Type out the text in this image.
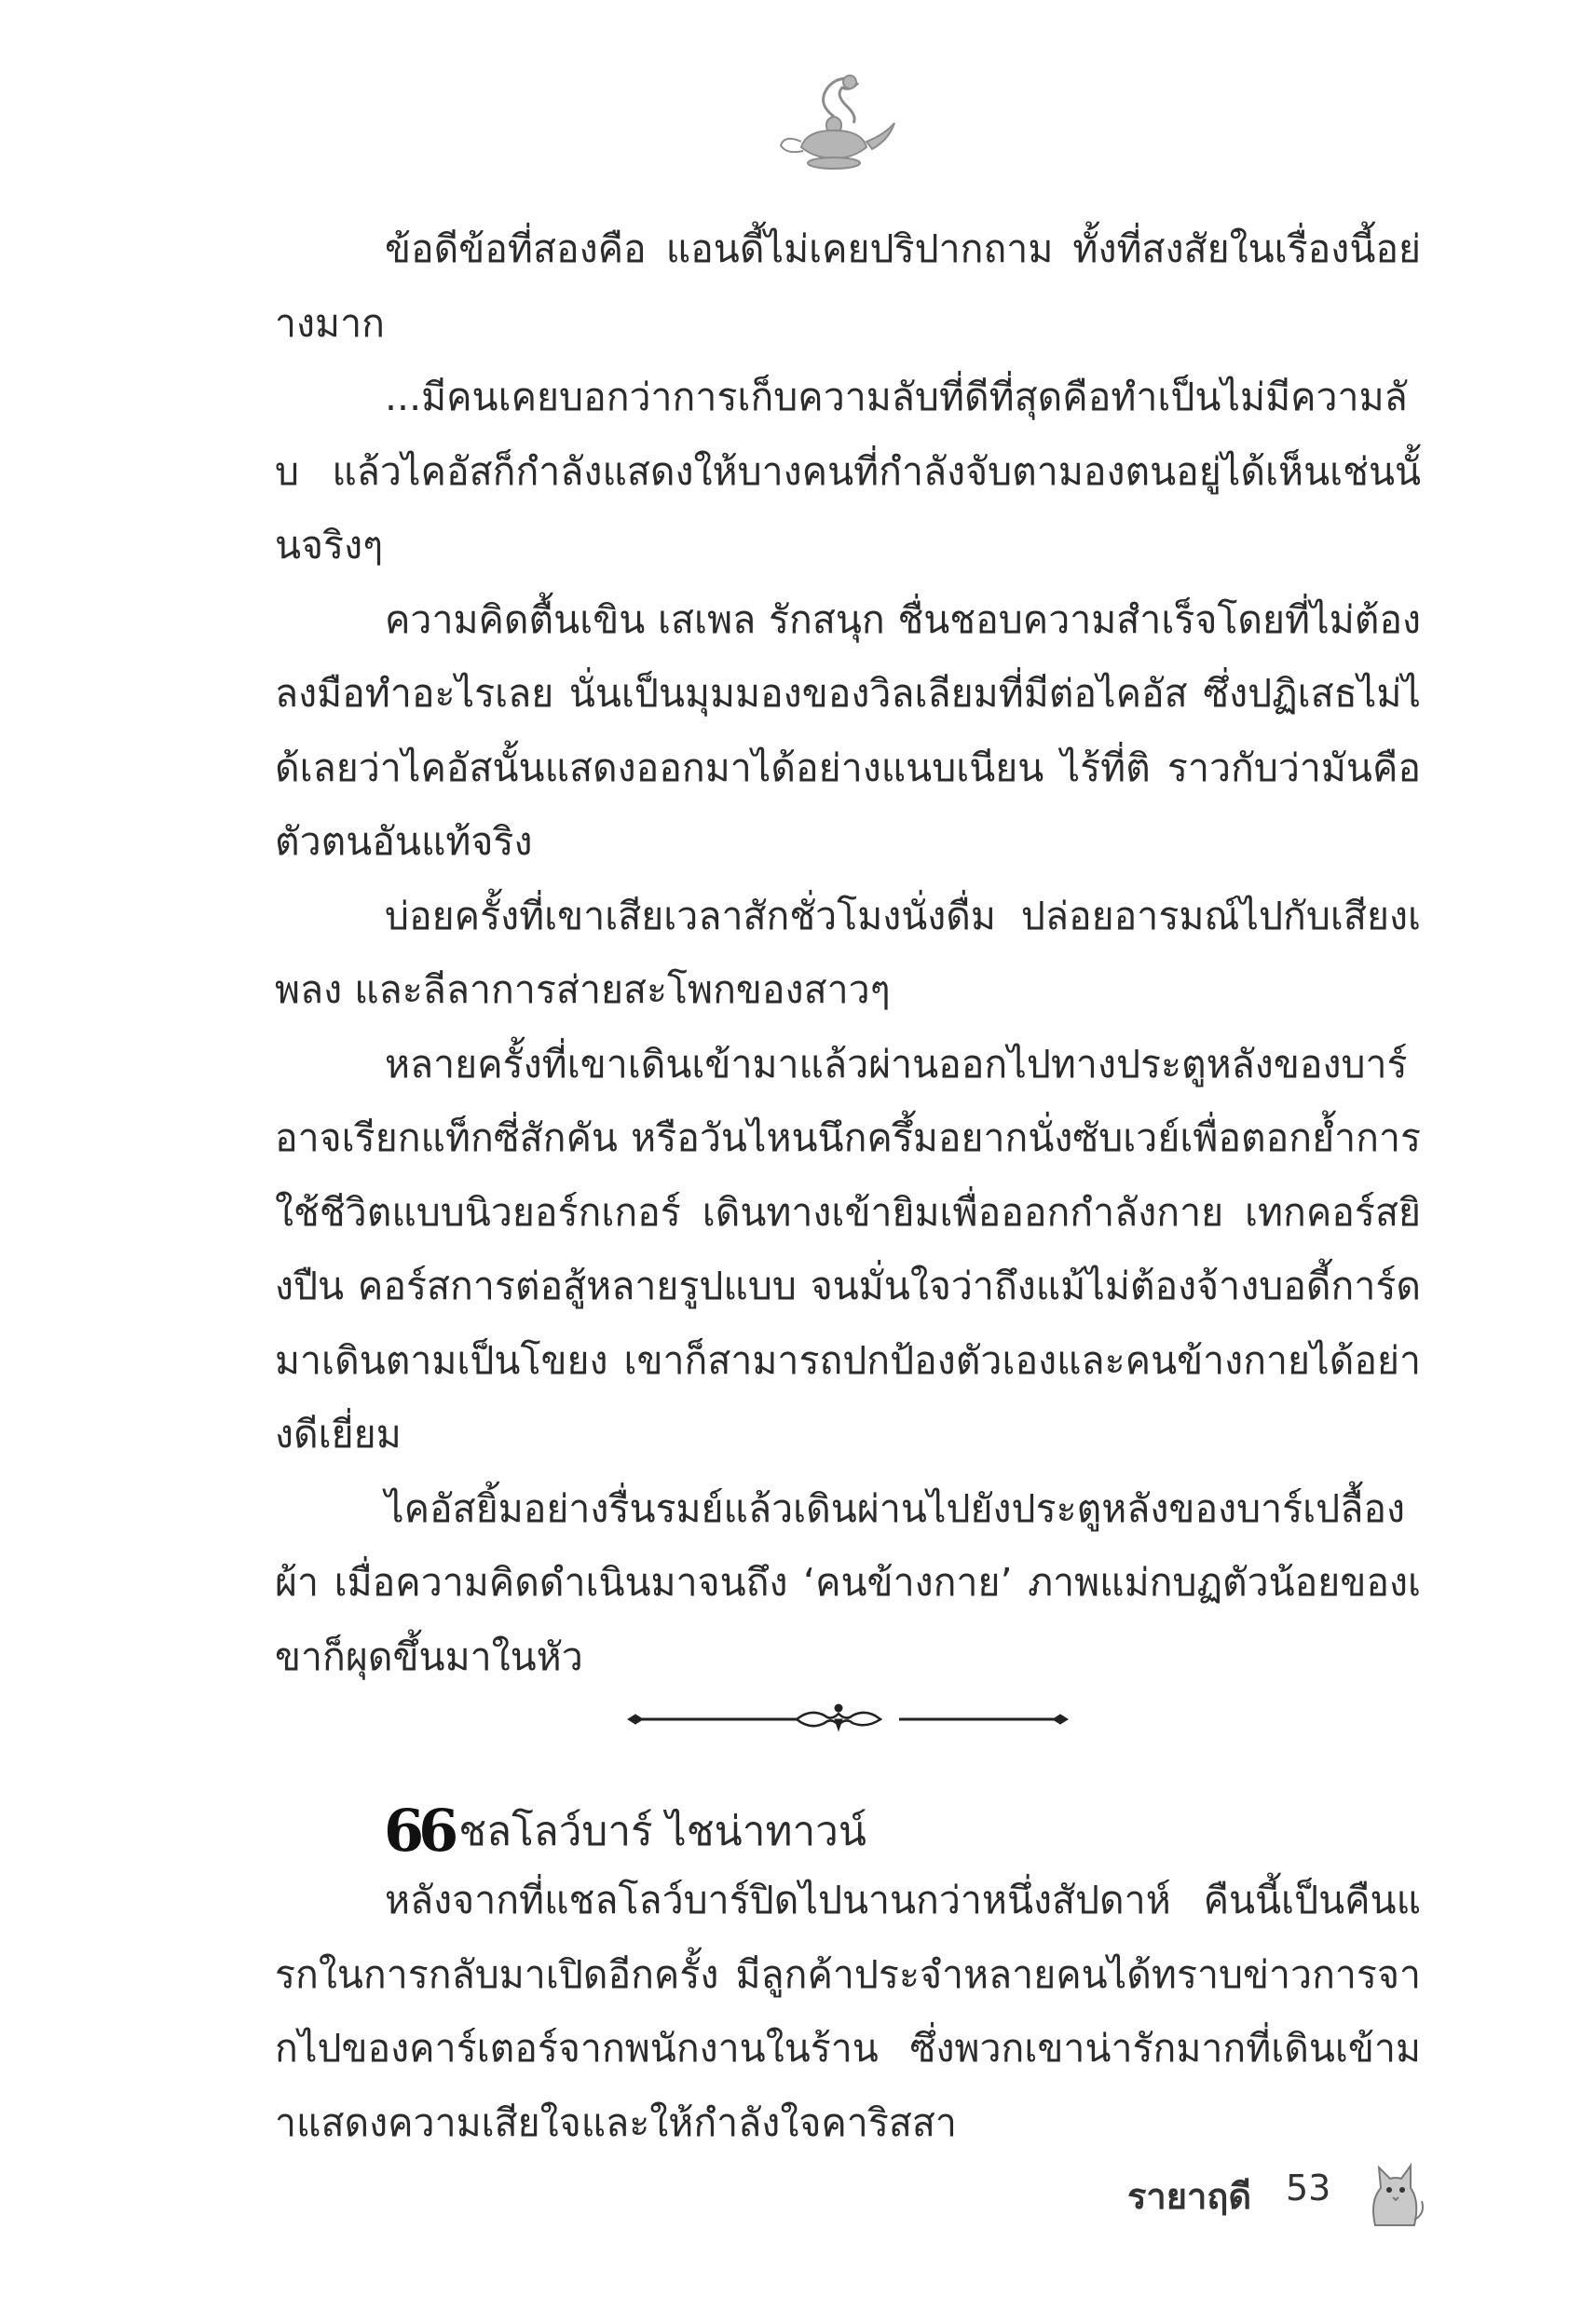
ข้อดีข้อที่สองคือ แอนดี้ไม่เคยปริปากถาม ทั้งที่สงสัยในเรื่องนี้อย่างมาก

...มีคนเคยบอกว่าการเก็บความลับที่ดีที่สุดคือทำเป็นไม่มีความลับ แล้วไคอัสก็กำลังแสดงให้บางคนที่กำลังจับตามองตนอยู่ได้เห็นเช่นนั้นจริงๆ

ความคิดตื้นเขิน เสเพล รักสนุก ชื่นชอบความสำเร็จโดยที่ไม่ต้องลงมือทำอะไรเลย นั่นเป็นมุมมองของวิลเลียมที่มีต่อไคอัส ซึ่งปฏิเสธไม่ได้เลยว่าไคอัสนั้นแสดงออกมาได้อย่างแนบเนียน ไร้ที่ติ ราวกับว่ามันคือตัวตนอันแท้จริง

บ่อยครั้งที่เขาเสียเวลาสักชั่วโมงนั่งดื่ม ปล่อยอารมณ์ไปกับเสียงเพลง และลีลาการส่ายสะโพกของสาวๆ

หลายครั้งที่เขาเดินเข้ามาแล้วผ่านออกไปทางประตูหลังของบาร์ อาจเรียกแท็กซี่สักคัน หรือวันไหนนึกครึ้มอยากนั่งซับเวย์เพื่อตอกย้ำการใช้ชีวิตแบบนิวยอร์กเกอร์ เดินทางเข้ายิมเพื่อออกกำลังกาย เทกคอร์สยิงปืน คอร์สการต่อสู้หลายรูปแบบ จนมั่นใจว่าถึงแม้ไม่ต้องจ้างบอดี้การ์ดมาเดินตามเป็นโขยง เขาก็สามารถปกป้องตัวเองและคนข้างกายได้อย่างดีเยี่ยม

ไคอัสยิ้มอย่างรื่นรมย์แล้วเดินผ่านไปยังประตูหลังของบาร์เปลื้องผ้า เมื่อความคิดดำเนินมาจนถึง ‘คนข้างกาย’ ภาพแม่กบฏตัวน้อยของเขาก็ผุดขึ้นมาในหัว

66 ชลโลว์บาร์ ไชน่าทาวน์

หลังจากที่แชลโลว์บาร์ปิดไปนานกว่าหนึ่งสัปดาห์ คืนนี้เป็นคืนแรกในการกลับมาเปิดอีกครั้ง มีลูกค้าประจำหลายคนได้ทราบข่าวการจากไปของคาร์เตอร์จากพนักงานในร้าน ซึ่งพวกเขาน่ารักมากที่เดินเข้ามาแสดงความเสียใจและให้กำลังใจคาริสสา

รายาฤดี 53
